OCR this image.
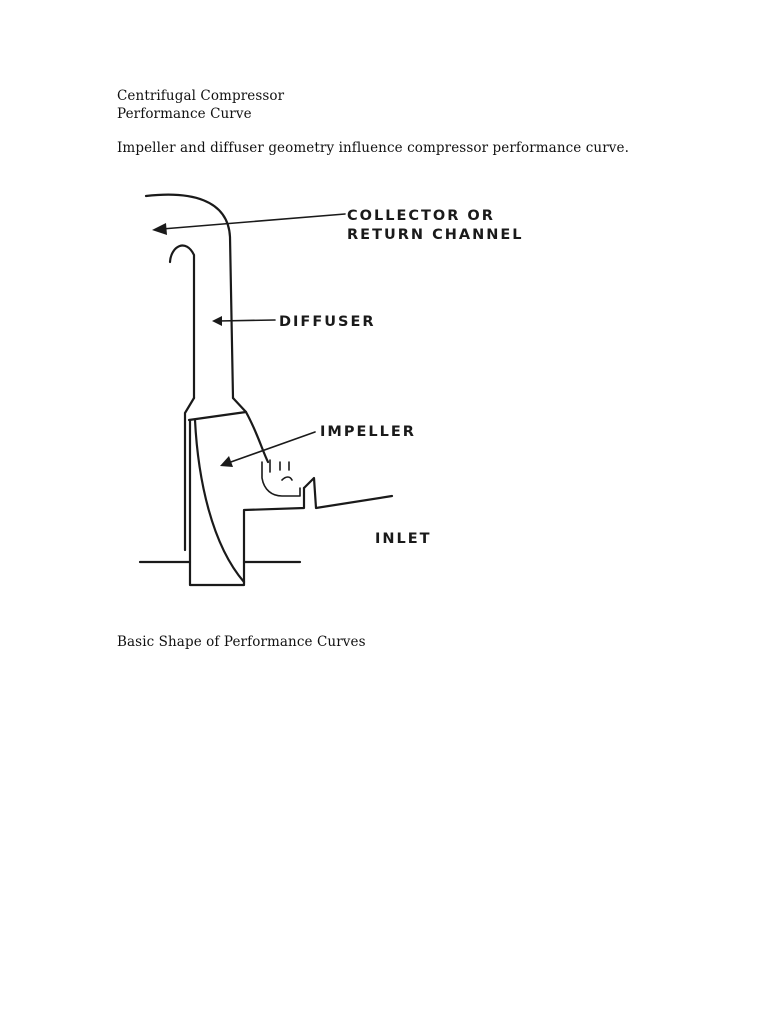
Centrifugal Compressor

Performance Curve

Impeller and diffuser geometry influence compressor performance curve.

COLLECTOR OR
RETURN CHANNEL
DIFFUSER
IMPELLER
INLET

Basic Shape of Performance Curves
